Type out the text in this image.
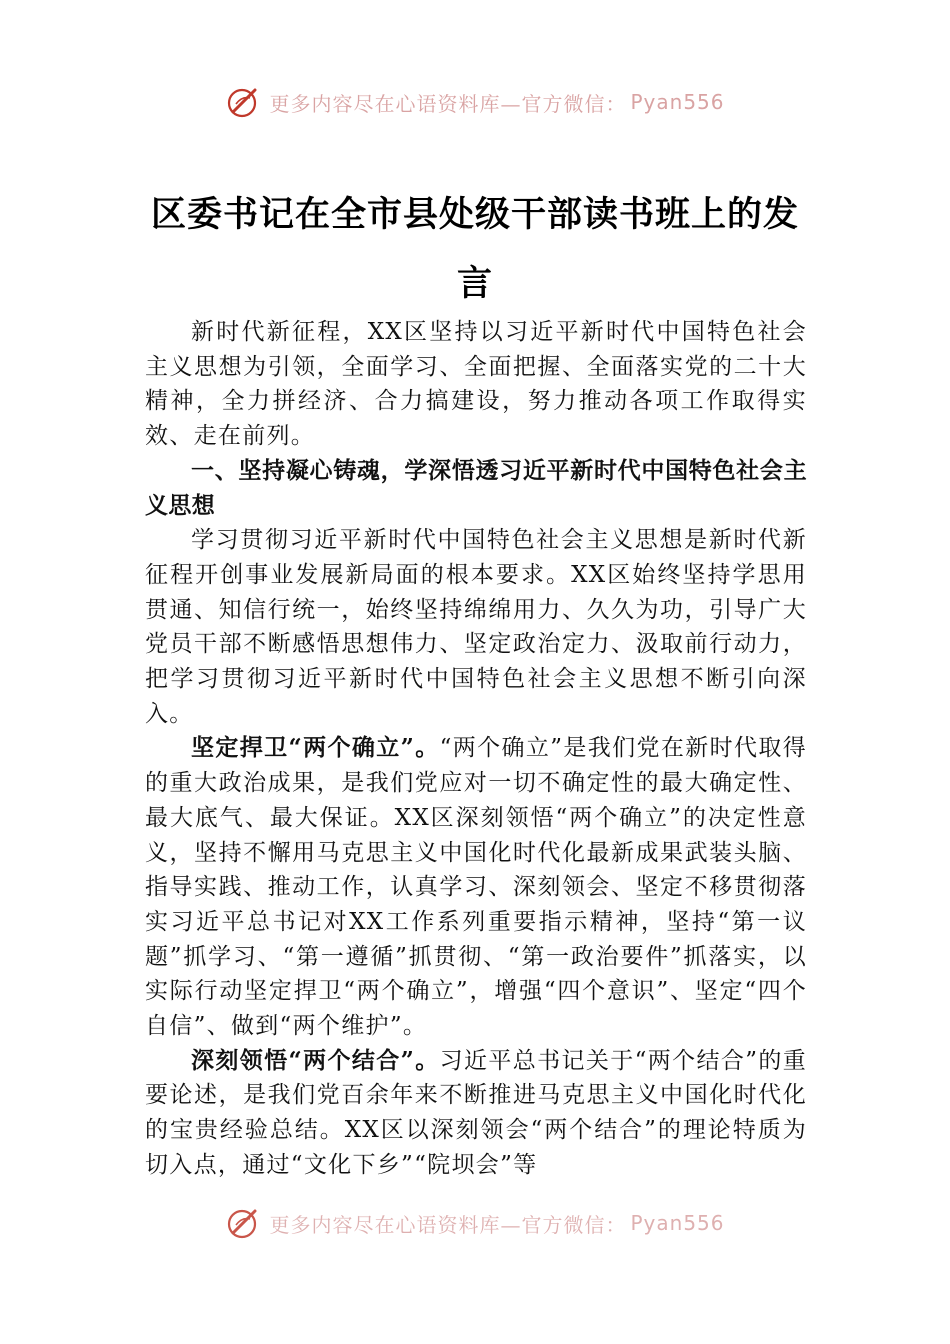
更多内容尽在心语资料库—官方微信： Pyan556
区委书记在全市县处级干部读书班上的发言

新时代新征程，XX区坚持以习近平新时代中国特色社会主义思想为引领，全面学习、全面把握、全面落实党的二十大精神，全力拼经济、合力搞建设，努力推动各项工作取得实效、走在前列。

一、坚持凝心铸魂，学深悟透习近平新时代中国特色社会主义思想

学习贯彻习近平新时代中国特色社会主义思想是新时代新征程开创事业发展新局面的根本要求。XX区始终坚持学思用贯通、知信行统一，始终坚持绵绵用力、久久为功，引导广大党员干部不断感悟思想伟力、坚定政治定力、汲取前行动力，把学习贯彻习近平新时代中国特色社会主义思想不断引向深入。

坚定捍卫“两个确立”。“两个确立”是我们党在新时代取得的重大政治成果，是我们党应对一切不确定性的最大确定性、最大底气、最大保证。XX区深刻领悟“两个确立”的决定性意义，坚持不懈用马克思主义中国化时代化最新成果武装头脑、指导实践、推动工作，认真学习、深刻领会、坚定不移贯彻落实习近平总书记对XX工作系列重要指示精神，坚持“第一议题”抓学习、“第一遵循”抓贯彻、“第一政治要件”抓落实，以实际行动坚定捍卫“两个确立”，增强“四个意识”、坚定“四个自信”、做到“两个维护”。

深刻领悟“两个结合”。习近平总书记关于“两个结合”的重要论述，是我们党百余年来不断推进马克思主义中国化时代化的宝贵经验总结。XX区以深刻领会“两个结合”的理论特质为切入点，通过“文化下乡”“院坝会”等

更多内容尽在心语资料库—官方微信： Pyan556
